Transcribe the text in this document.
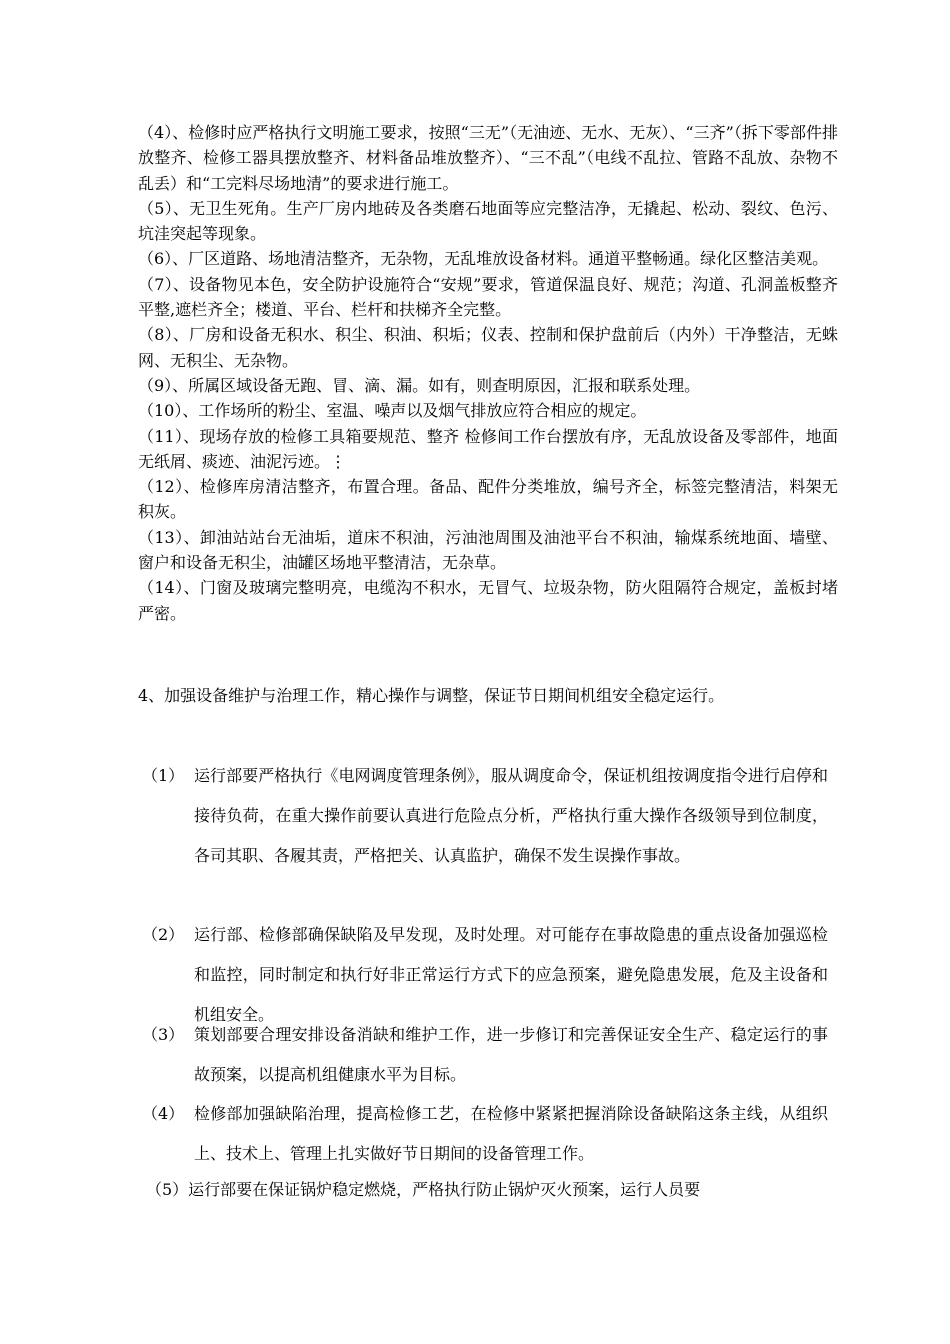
（4）、检修时应严格执行文明施工要求，按照“三无”（无油迹、无水、无灰）、“三齐”（拆下零部件排放整齐、检修工器具摆放整齐、材料备品堆放整齐）、“三不乱”（电线不乱拉、管路不乱放、杂物不乱丢）和“工完料尽场地清”的要求进行施工。

（5）、无卫生死角。生产厂房内地砖及各类磨石地面等应完整洁净，无撬起、松动、裂纹、色污、坑洼突起等现象。

（6）、厂区道路、场地清洁整齐，无杂物，无乱堆放设备材料。通道平整畅通。绿化区整洁美观。

（7）、设备物见本色，安全防护设施符合“安规”要求，管道保温良好、规范；沟道、孔洞盖板整齐平整,遮栏齐全；楼道、平台、栏杆和扶梯齐全完整。

（8）、厂房和设备无积水、积尘、积油、积垢；仪表、控制和保护盘前后（内外）干净整洁，无蛛网、无积尘、无杂物。

（9）、所属区域设备无跑、冒、滴、漏。如有，则查明原因，汇报和联系处理。

（10）、工作场所的粉尘、室温、噪声以及烟气排放应符合相应的规定。

（11）、现场存放的检修工具箱要规范、整齐 检修间工作台摆放有序，无乱放设备及零部件，地面无纸屑、痰迹、油泥污迹。⋮

（12）、检修库房清洁整齐，布置合理。备品、配件分类堆放，编号齐全，标签完整清洁，料架无积灰。

（13）、卸油站站台无油垢，道床不积油，污油池周围及油池平台不积油，输煤系统地面、墙壁、窗户和设备无积尘，油罐区场地平整清洁，无杂草。

（14）、门窗及玻璃完整明亮，电缆沟不积水，无冒气、垃圾杂物，防火阻隔符合规定，盖板封堵严密。

4、加强设备维护与治理工作，精心操作与调整，保证节日期间机组安全稳定运行。
（1） 运行部要严格执行《电网调度管理条例》，服从调度命令，保证机组按调度指令进行启停和接待负荷，在重大操作前要认真进行危险点分析，严格执行重大操作各级领导到位制度，各司其职、各履其责，严格把关、认真监护，确保不发生误操作事故。
（2） 运行部、检修部确保缺陷及早发现，及时处理。对可能存在事故隐患的重点设备加强巡检和监控，同时制定和执行好非正常运行方式下的应急预案，避免隐患发展，危及主设备和机组安全。
（3） 策划部要合理安排设备消缺和维护工作，进一步修订和完善保证安全生产、稳定运行的事故预案，以提高机组健康水平为目标。
（4） 检修部加强缺陷治理，提高检修工艺，在检修中紧紧把握消除设备缺陷这条主线，从组织上、技术上、管理上扎实做好节日期间的设备管理工作。
（5）运行部要在保证锅炉稳定燃烧，严格执行防止锅炉灭火预案，运行人员要
